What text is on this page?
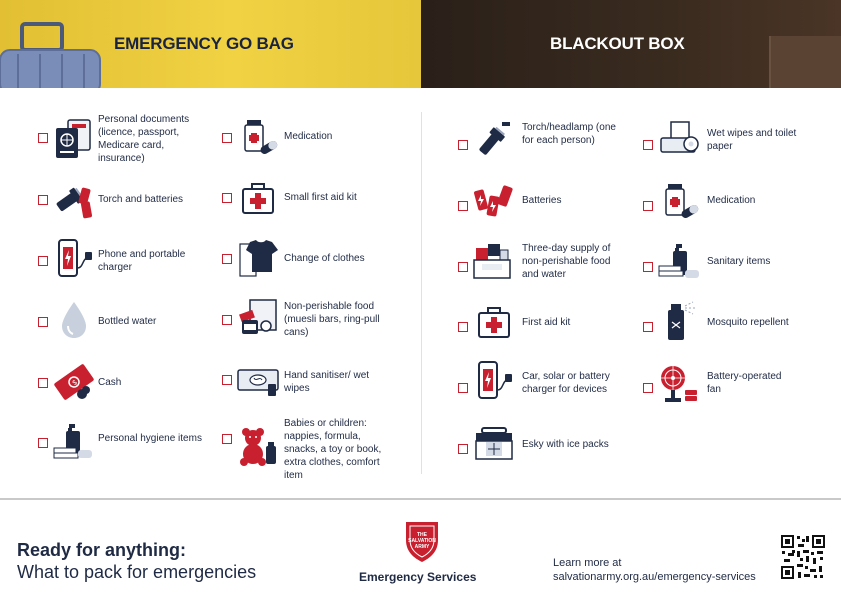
EMERGENCY GO BAG	BLACKOUT BOX
Personal documents (licence, passport, Medicare card, insurance)
Torch and batteries
Phone and portable charger
Bottled water
$ Cash
Personal hygiene items
Medication
Small first aid kit
Change of clothes
Non-perishable food (muesli bars, ring-pull cans)
Hand sanitiser/ wet wipes
Babies or children: nappies, formula, snacks, a toy or book, extra clothes, comfort item
Torch/headlamp (one for each person)
Batteries
Three-day supply of non-perishable food and water
First aid kit
Car, solar or battery charger for devices
Esky with ice packs
Wet wipes and toilet paper
Medication
Sanitary items
Mosquito repellent
Battery-operated fan
Ready for anything:
What to pack for emergencies
THE
SALVATION
ARMY
Emergency Services
Learn more at
salvationarmy.org.au/emergency-services
